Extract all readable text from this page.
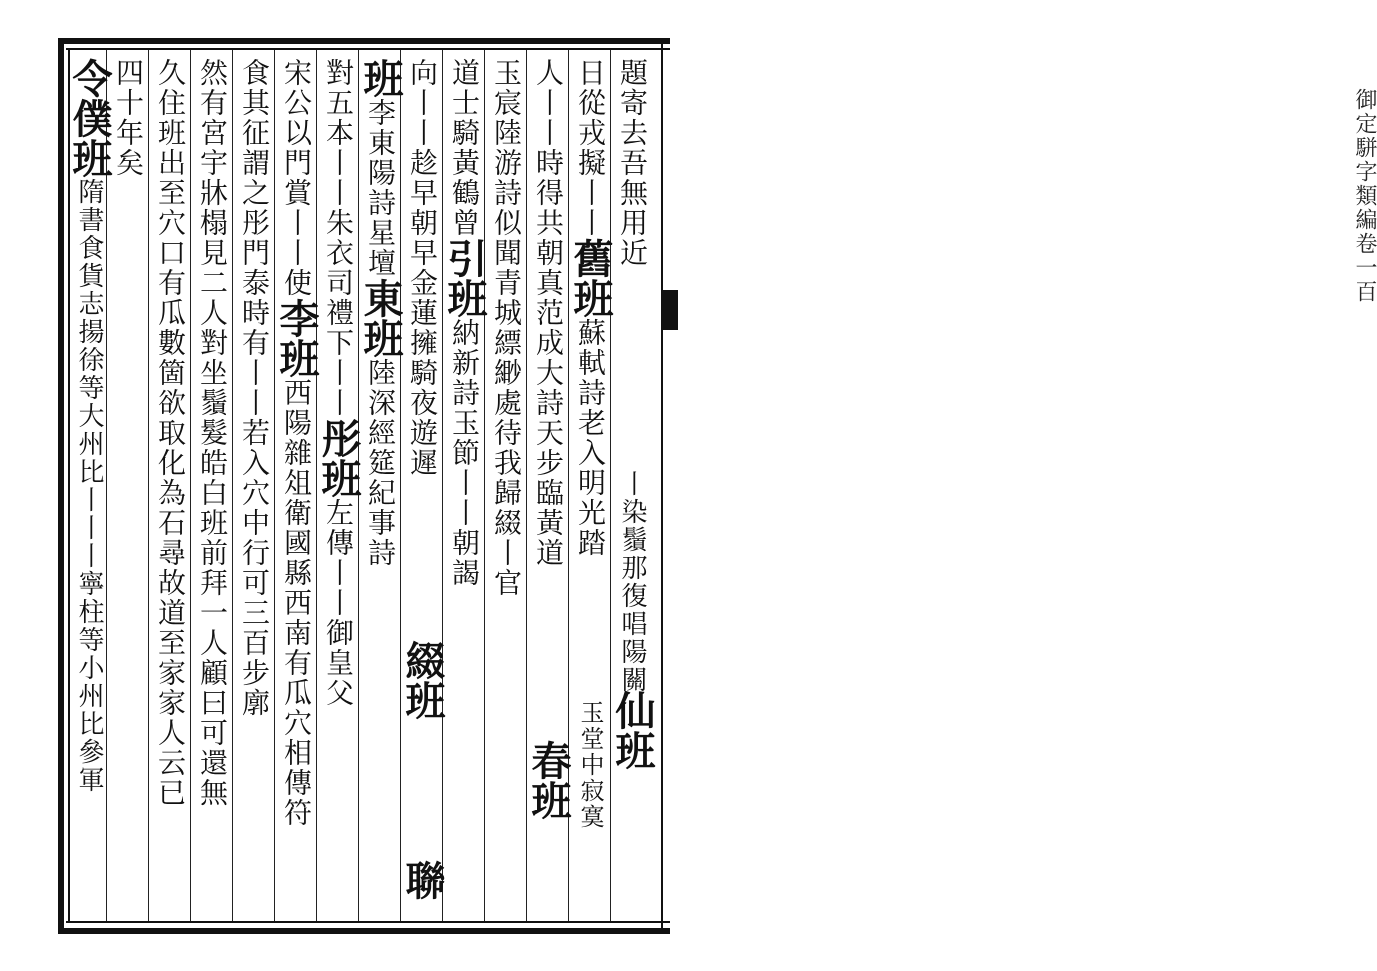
御定駢字類編卷一百
題寄去吾無用近
日從戎擬丨丨舊班蘇軾詩老入明光踏
人丨丨時得共朝真范成大詩天步臨黃道
玉宸陸游詩似聞青城縹緲處待我歸綴丨官
道士騎黃鶴曾引班納新詩玉節丨丨朝謁
向丨丨趁早朝早金蓮擁騎夜遊遲
班李東陽詩星壇東班陸深經筵紀事詩
對五本丨丨朱衣司禮下丨丨彤班左傳丨丨御皇父
宋公以門賞丨丨使李班西陽雜俎衛國縣西南有瓜穴相傳符
食其征謂之彤門泰時有丨丨若入穴中行可三百步廓
然有宮宇牀榻見二人對坐鬚髮皓白班前拜一人顧曰可還無
久住班出至穴口有瓜數箇欲取化為石尋故道至家家人云已
四十年矣
令僕班隋書食貨志揚徐等大州比丨丨丨寧柱等小州比參軍	丨染鬚那復唱陽關
仙班
玉堂中寂寞
春班
綴班
聯
